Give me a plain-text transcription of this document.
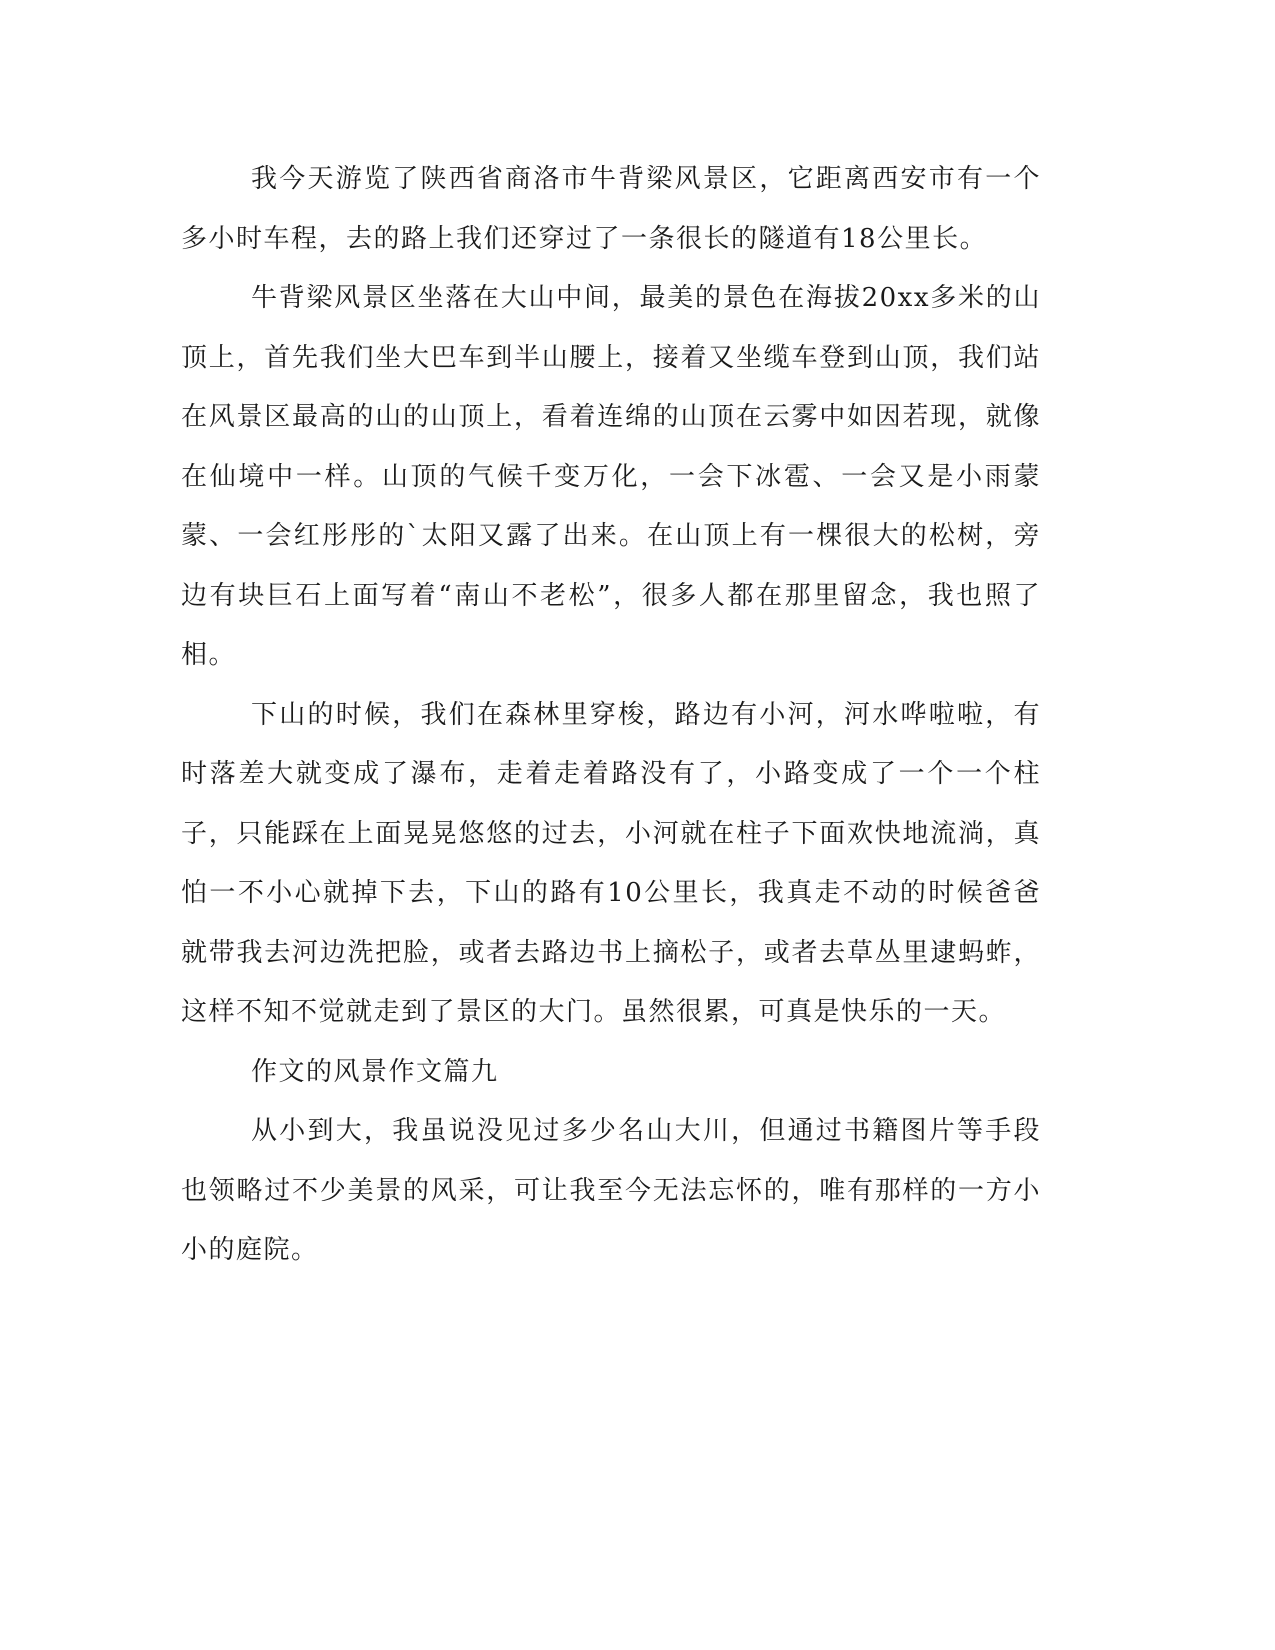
我今天游览了陕西省商洛市牛背梁风景区，它距离西安市有一个多小时车程，去的路上我们还穿过了一条很长的隧道有18公里长。

牛背梁风景区坐落在大山中间，最美的景色在海拔20xx多米的山顶上，首先我们坐大巴车到半山腰上，接着又坐缆车登到山顶，我们站在风景区最高的山的山顶上，看着连绵的山顶在云雾中如因若现，就像在仙境中一样。山顶的气候千变万化，一会下冰雹、一会又是小雨蒙蒙、一会红彤彤的`太阳又露了出来。在山顶上有一棵很大的松树，旁边有块巨石上面写着“南山不老松”，很多人都在那里留念，我也照了相。

下山的时候，我们在森林里穿梭，路边有小河，河水哗啦啦，有时落差大就变成了瀑布，走着走着路没有了，小路变成了一个一个柱子，只能踩在上面晃晃悠悠的过去，小河就在柱子下面欢快地流淌，真怕一不小心就掉下去，下山的路有10公里长，我真走不动的时候爸爸就带我去河边洗把脸，或者去路边书上摘松子，或者去草丛里逮蚂蚱，这样不知不觉就走到了景区的大门。虽然很累，可真是快乐的一天。

作文的风景作文篇九

从小到大，我虽说没见过多少名山大川，但通过书籍图片等手段也领略过不少美景的风采，可让我至今无法忘怀的，唯有那样的一方小小的庭院。
